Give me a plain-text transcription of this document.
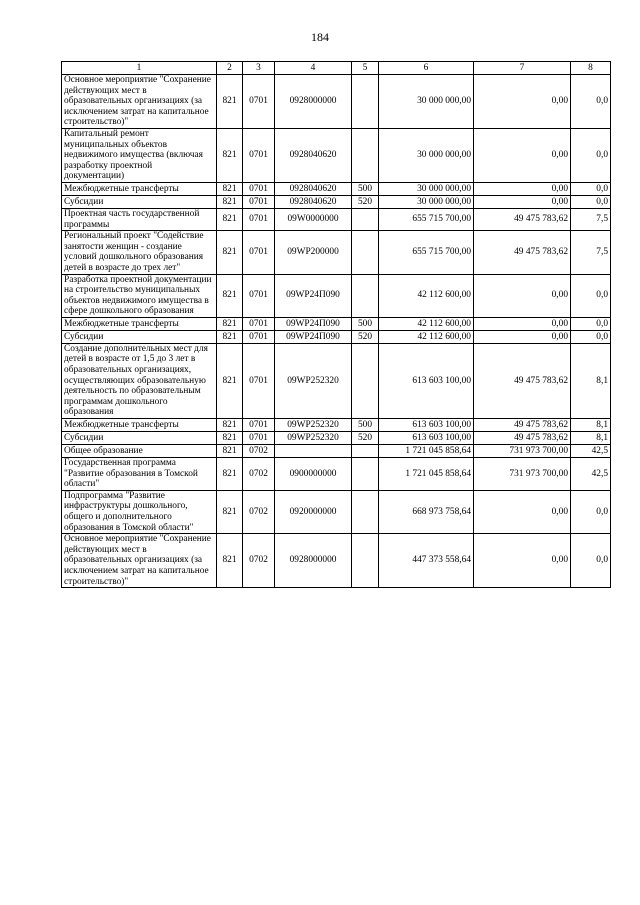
184
1	2	3	4	5	6	7	8
Основное мероприятие "Сохранение действующих мест в образовательных организациях (за исключением затрат на капитальное строительство)"	821	0701	0928000000		30 000 000,00	0,00	0,0
Капитальный ремонт муниципальных объектов недвижимого имущества (включая разработку проектной документации)	821	0701	0928040620		30 000 000,00	0,00	0,0
Межбюджетные трансферты	821	0701	0928040620	500	30 000 000,00	0,00	0,0
Субсидии	821	0701	0928040620	520	30 000 000,00	0,00	0,0
Проектная часть государственной программы	821	0701	09W0000000		655 715 700,00	49 475 783,62	7,5
Региональный проект "Содействие занятости женщин - создание условий дошкольного образования детей в возрасте до трех лет"	821	0701	09WP200000		655 715 700,00	49 475 783,62	7,5
Разработка проектной документации на строительство муниципальных объектов недвижимого имущества в сфере дошкольного образования	821	0701	09WP24П090		42 112 600,00	0,00	0,0
Межбюджетные трансферты	821	0701	09WP24П090	500	42 112 600,00	0,00	0,0
Субсидии	821	0701	09WP24П090	520	42 112 600,00	0,00	0,0
Создание дополнительных мест для детей в возрасте от 1,5 до 3 лет в образовательных организациях, осуществляющих образовательную деятельность по образовательным программам дошкольного образования	821	0701	09WP252320		613 603 100,00	49 475 783,62	8,1
Межбюджетные трансферты	821	0701	09WP252320	500	613 603 100,00	49 475 783,62	8,1
Субсидии	821	0701	09WP252320	520	613 603 100,00	49 475 783,62	8,1
Общее образование	821	0702			1 721 045 858,64	731 973 700,00	42,5
Государственная программа "Развитие образования в Томской области"	821	0702	0900000000		1 721 045 858,64	731 973 700,00	42,5
Подпрограмма "Развитие инфраструктуры дошкольного, общего и дополнительного образования в Томской области"	821	0702	0920000000		668 973 758,64	0,00	0,0
Основное мероприятие "Сохранение действующих мест в образовательных организациях (за исключением затрат на капитальное строительство)"	821	0702	0928000000		447 373 558,64	0,00	0,0
